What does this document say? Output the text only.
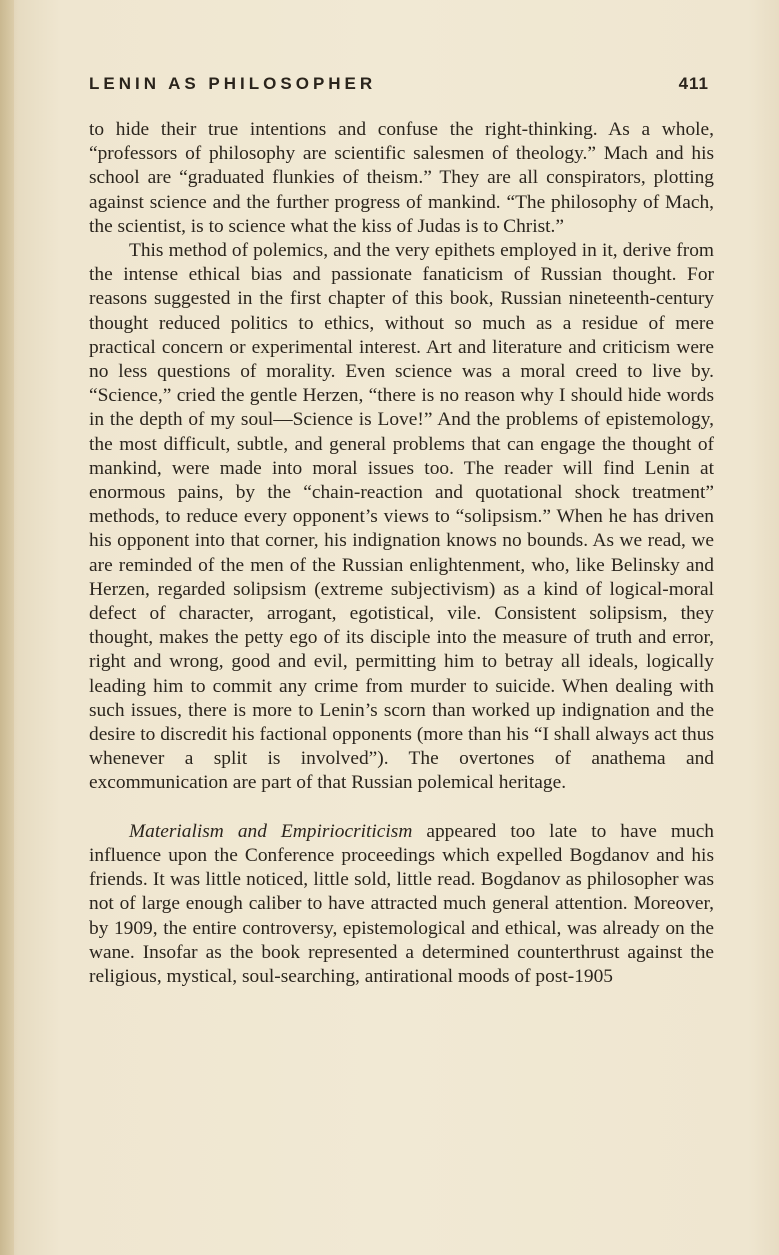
LENIN AS PHILOSOPHER	411

to hide their true intentions and confuse the right-thinking. As a whole, “professors of philosophy are scientific salesmen of theology.” Mach and his school are “graduated flunkies of theism.” They are all conspirators, plotting against science and the further progress of mankind. “The philosophy of Mach, the scientist, is to science what the kiss of Judas is to Christ.”

This method of polemics, and the very epithets employed in it, derive from the intense ethical bias and passionate fanaticism of Russian thought. For reasons suggested in the first chapter of this book, Russian nineteenth-century thought reduced politics to ethics, without so much as a residue of mere practical concern or experimental interest. Art and literature and criticism were no less questions of morality. Even science was a moral creed to live by. “Science,” cried the gentle Herzen, “there is no reason why I should hide words in the depth of my soul—Science is Love!” And the problems of epistemology, the most difficult, subtle, and general problems that can engage the thought of mankind, were made into moral issues too. The reader will find Lenin at enormous pains, by the “chain-reaction and quotational shock treatment” methods, to reduce every opponent’s views to “solipsism.” When he has driven his opponent into that corner, his indignation knows no bounds. As we read, we are reminded of the men of the Russian enlightenment, who, like Belinsky and Herzen, regarded solipsism (extreme subjectivism) as a kind of logical-moral defect of character, arrogant, egotistical, vile. Consistent solipsism, they thought, makes the petty ego of its disciple into the measure of truth and error, right and wrong, good and evil, permitting him to betray all ideals, logically leading him to commit any crime from murder to suicide. When dealing with such issues, there is more to Lenin’s scorn than worked up indignation and the desire to discredit his factional opponents (more than his “I shall always act thus whenever a split is involved”). The overtones of anathema and excommunication are part of that Russian polemical heritage.

Materialism and Empiriocriticism appeared too late to have much influence upon the Conference proceedings which expelled Bogdanov and his friends. It was little noticed, little sold, little read. Bogdanov as philosopher was not of large enough caliber to have attracted much general attention. Moreover, by 1909, the entire controversy, epistemological and ethical, was already on the wane. Insofar as the book represented a determined counterthrust against the religious, mystical, soul-searching, antirational moods of post-1905
